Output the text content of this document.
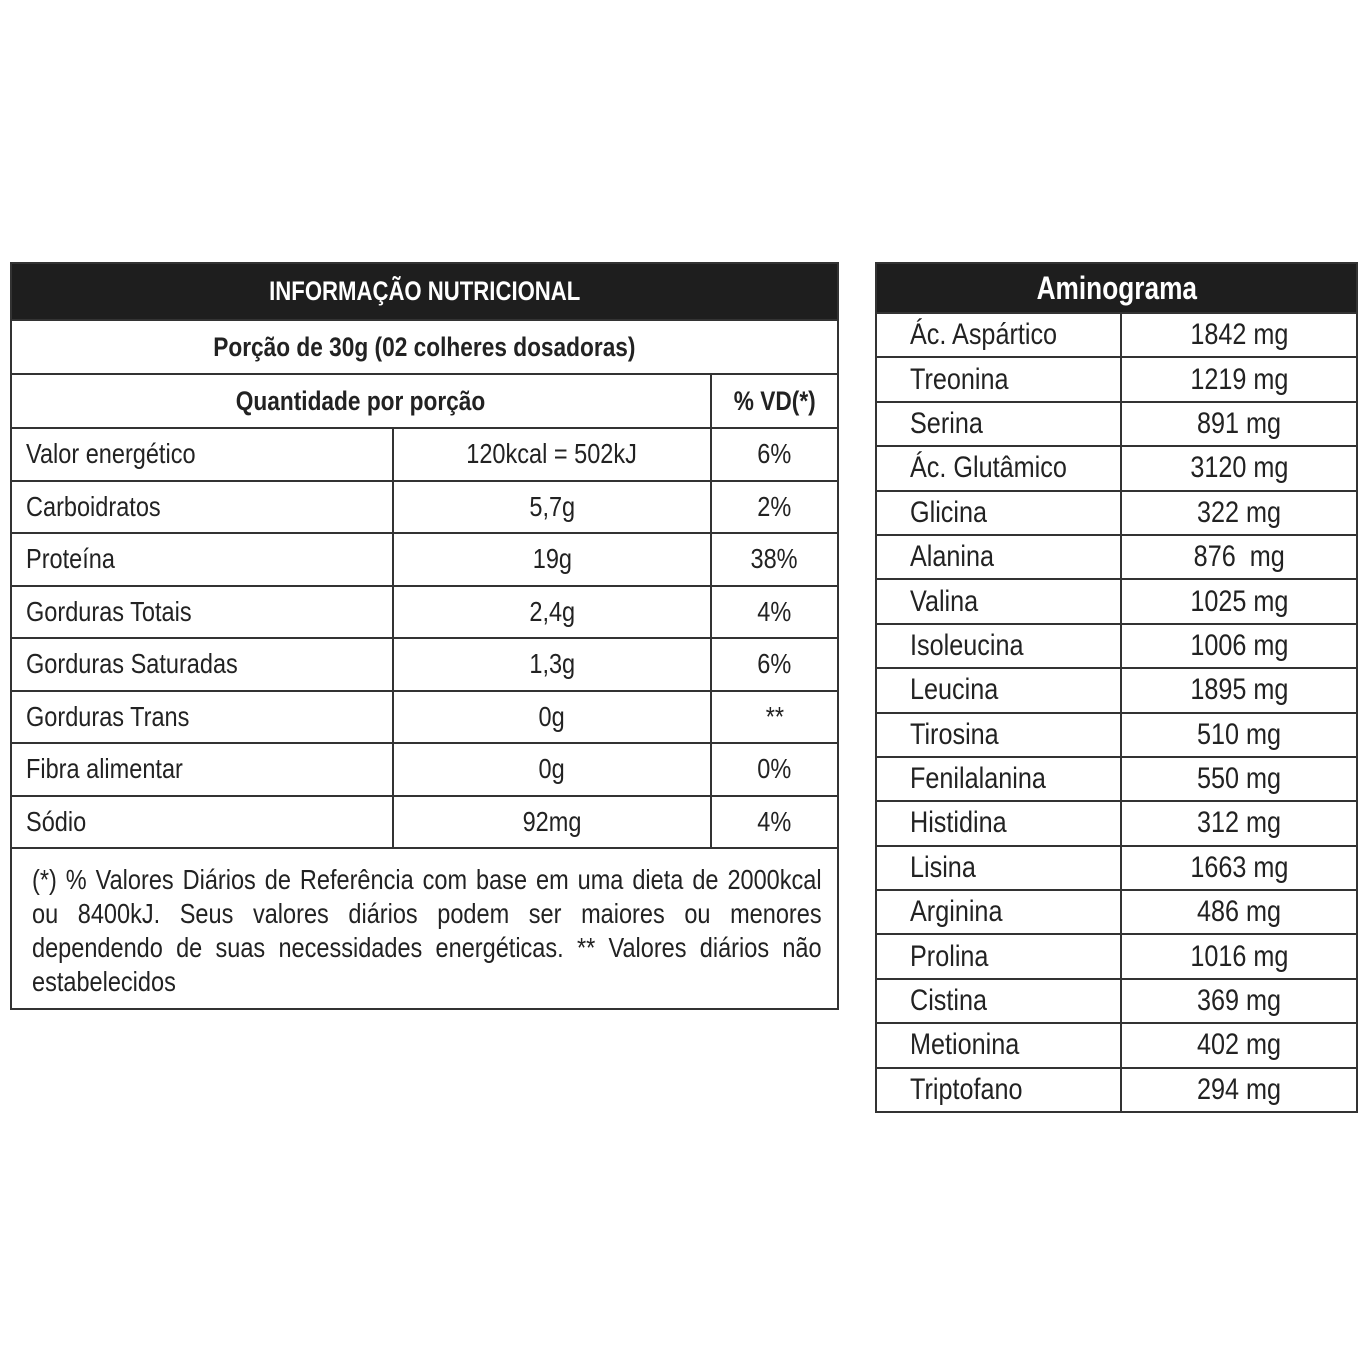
INFORMAÇÃO NUTRICIONAL
Porção de 30g (02 colheres dosadoras)
Quantidade por porção	% VD(*)
Valor energético	120kcal = 502kJ	6%
Carboidratos	5,7g	2%
Proteína	19g	38%
Gorduras Totais	2,4g	4%
Gorduras Saturadas	1,3g	6%
Gorduras Trans	0g	**
Fibra alimentar	0g	0%
Sódio	92mg	4%

(*) % Valores Diários de Referência com base em uma dieta de 2000kcal ou 8400kJ. Seus valores diários podem ser maiores ou menores dependendo de suas necessidades energéticas. ** Valores diários não estabelecidos

Aminograma
Ác. Aspártico	1842 mg
Treonina	1219 mg
Serina	891 mg
Ác. Glutâmico	3120 mg
Glicina	322 mg
Alanina	876  mg
Valina	1025 mg
Isoleucina	1006 mg
Leucina	1895 mg
Tirosina	510 mg
Fenilalanina	550 mg
Histidina	312 mg
Lisina	1663 mg
Arginina	486 mg
Prolina	1016 mg
Cistina	369 mg
Metionina	402 mg
Triptofano	294 mg
